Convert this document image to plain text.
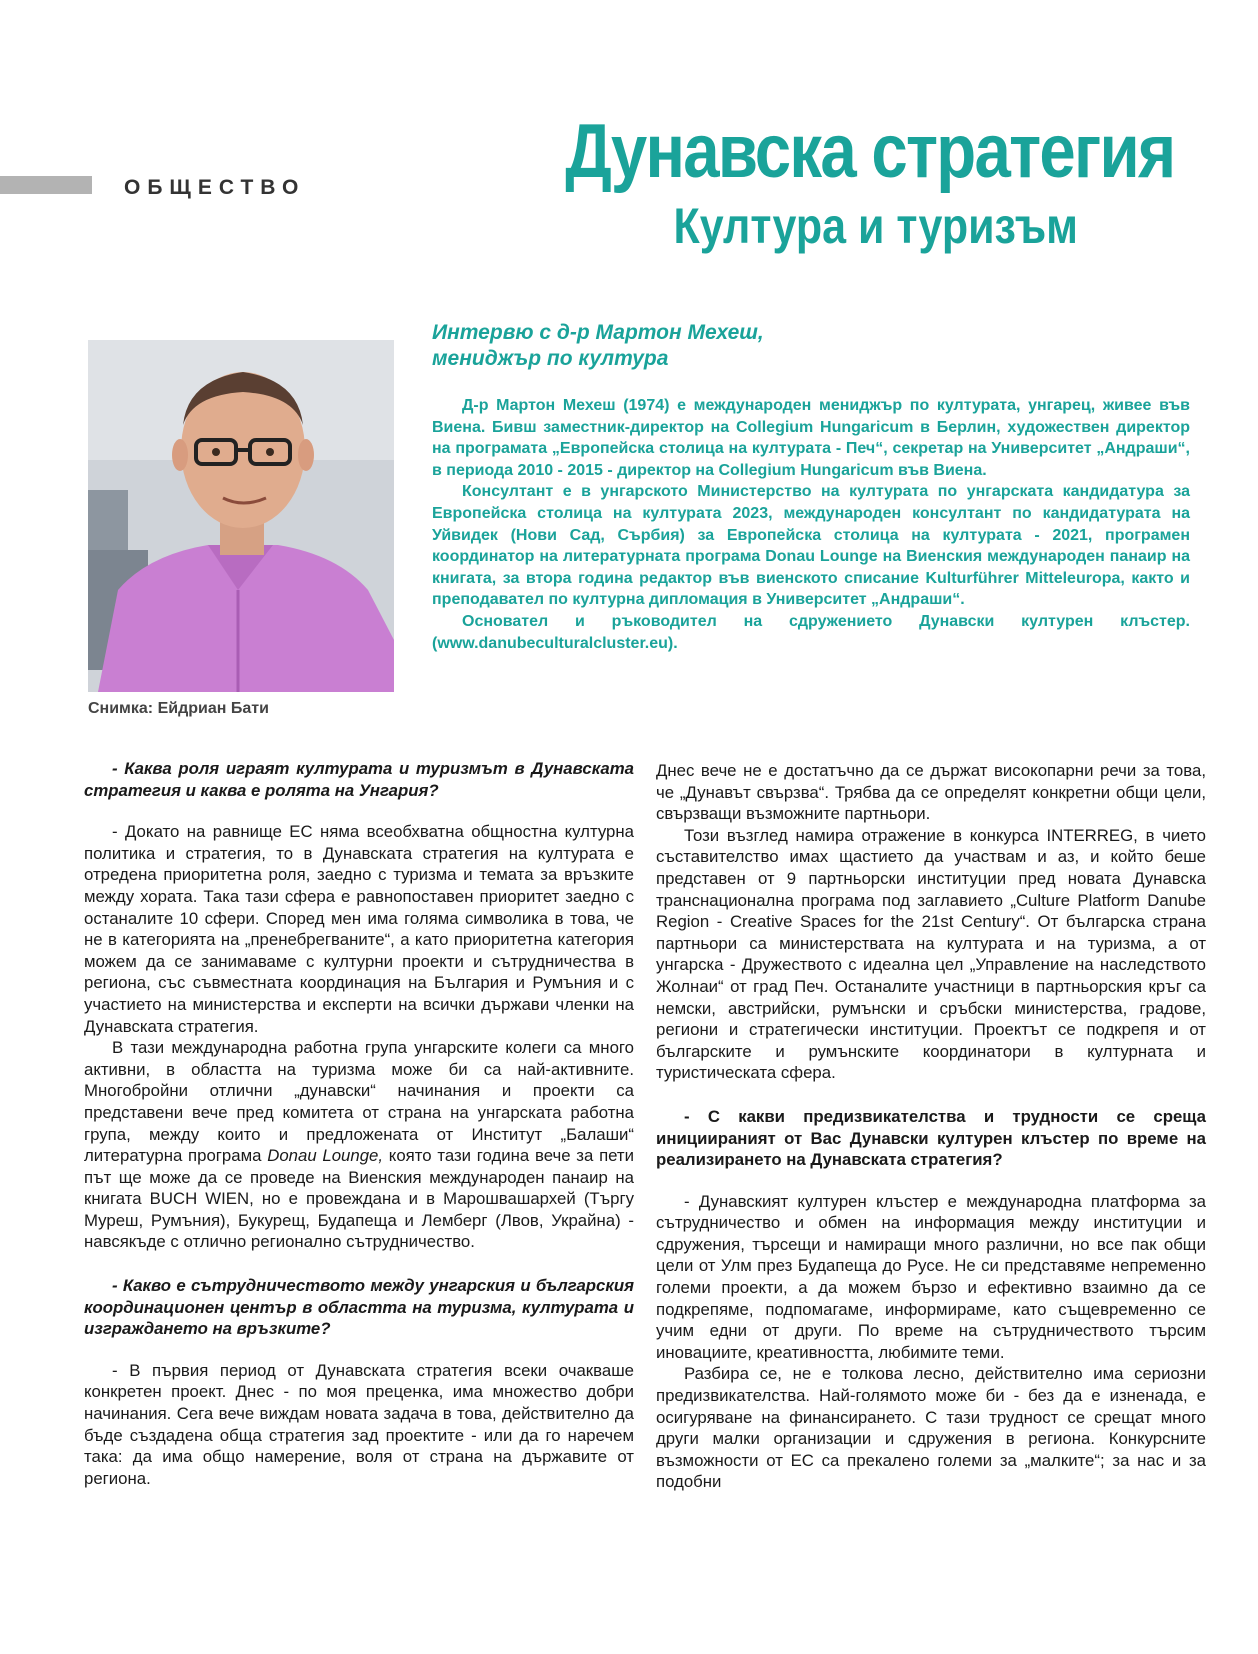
ОБЩЕСТВО	Дунавска стратегия
Култура и туризъм
Снимка: Ейдриан Бати
Интервю с д-р Мартон Мехеш,
мениджър по култура

Д-р Мартон Мехеш (1974) е международен мениджър по културата, унгарец, живее във Виена. Бивш заместник-директор на Collegium Hungaricum в Берлин, художествен директор на програмата „Европейска столица на културата - Печ“, секретар на Университет „Андраши“, в периода 2010 - 2015 - директор на Collegium Hungaricum във Виена.

Консултант е в унгарското Министерство на културата по унгарската кандидатура за Европейска столица на културата 2023, международен консултант по кандидатурата на Уйвидек (Нови Сад, Сърбия) за Европейска столица на културата - 2021, програмен координатор на литературната програма Donau Lounge на Виенския международен панаир на книгата, за втора година редактор във виенското списание Kulturführer Mitteleuropa, както и преподавател по културна дипломация в Университет „Андраши“.

Основател и ръководител на сдружението Дунавски културен клъстер. (www.danubeculturalcluster.eu).

- Каква роля играят културата и туризмът в Дунавската стратегия и каква е ролята на Унгария?

- Докато на равнище ЕС няма всеобхватна общностна културна политика и стратегия, то в Дунавската стратегия на културата е отредена приоритетна роля, заедно с туризма и темата за връзките между хората. Така тази сфера е равнопоставен приоритет заедно с останалите 10 сфери. Според мен има голяма символика в това, че не в категорията на „пренебрегваните“, а като приоритетна категория можем да се занимаваме с културни проекти и сътрудничества в региона, със съвместната координация на България и Румъния и с участието на министерства и експерти на всички държави членки на Дунавската стратегия.

В тази международна работна група унгарските колеги са много активни, в областта на туризма може би са най-активните. Многобройни отлични „дунавски“ начинания и проекти са представени вече пред комитета от страна на унгарската работна група, между които и предложената от Институт „Балаши“ литературна програма Donau Lounge, която тази година вече за пети път ще може да се проведе на Виенския международен панаир на книгата BUCH WIEN, но е провеждана и в Марошвашархей (Търгу Муреш, Румъния), Букурещ, Будапеща и Лемберг (Лвов, Украйна) - навсякъде с отлично регионално сътрудничество.

- Какво е сътрудничеството между унгарския и българския координационен център в областта на туризма, културата и изграждането на връзките?

- В първия период от Дунавската стратегия всеки очакваше конкретен проект. Днес - по моя преценка, има множество добри начинания. Сега вече виждам новата задача в това, действително да бъде създадена обща стратегия зад проектите - или да го наречем така: да има общо намерение, воля от страна на държавите от региона.

Днес вече не е достатъчно да се държат високопарни речи за това, че „Дунавът свързва“. Трябва да се определят конкретни общи цели, свързващи възможните партньори.

Този възглед намира отражение в конкурса INTERREG, в чието съставителство имах щастието да участвам и аз, и който беше представен от 9 партньорски институции пред новата Дунавска транснационална програма под заглавието „Culture Platform Danube Region - Creative Spaces for the 21st Century“. От българска страна партньори са министерствата на културата и на туризма, а от унгарска - Дружеството с идеална цел „Управление на наследството Жолнаи“ от град Печ. Останалите участници в партньорския кръг са немски, австрийски, румънски и сръбски министерства, градове, региони и стратегически институции. Проектът се подкрепя и от българските и румънските координатори в културната и туристическата сфера.

- С какви предизвикателства и трудности се среща инициираният от Вас Дунавски културен клъстер по време на реализирането на Дунавската стратегия?

- Дунавският културен клъстер е международна платформа за сътрудничество и обмен на информация между институции и сдружения, търсещи и намиращи много различни, но все пак общи цели от Улм през Будапеща до Русе. Не си представяме непременно големи проекти, а да можем бързо и ефективно взаимно да се подкрепяме, подпомагаме, информираме, като същевременно се учим едни от други. По време на сътрудничеството търсим иновациите, креативността, любимите теми.

Разбира се, не е толкова лесно, действително има сериозни предизвикателства. Най-голямото може би - без да е изненада, е осигуряване на финансирането. С тази трудност се срещат много други малки организации и сдружения в региона. Конкурсните възможности от ЕС са прекалено големи за „малките“; за нас и за подобни
